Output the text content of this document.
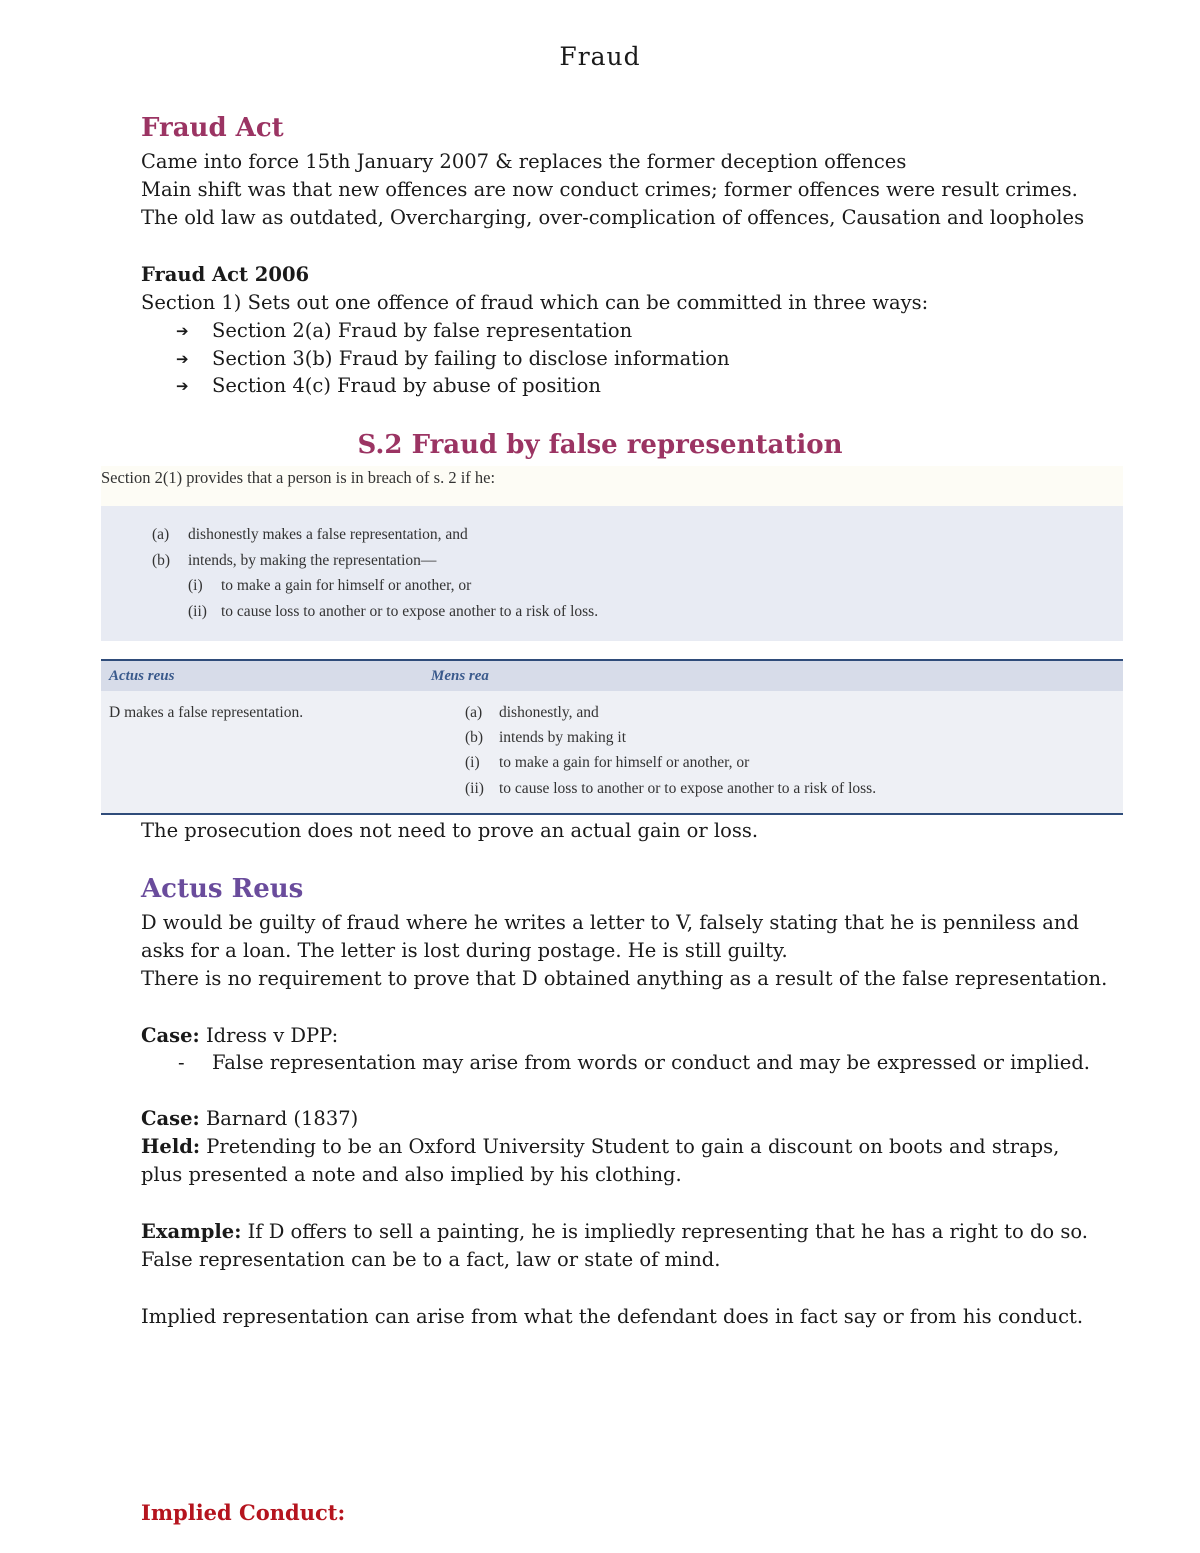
Fraud
Fraud Act
Came into force 15th January 2007 & replaces the former deception offences
Main shift was that new offences are now conduct crimes; former offences were result crimes.
The old law as outdated, Overcharging, over-complication of offences, Causation and loopholes
Fraud Act 2006
Section 1) Sets out one offence of fraud which can be committed in three ways:
➔ Section 2(a) Fraud by false representation
➔ Section 3(b) Fraud by failing to disclose information
➔ Section 4(c) Fraud by abuse of position
S.2 Fraud by false representation
Section 2(1) provides that a person is in breach of s. 2 if he:
(a) dishonestly makes a false representation, and
(b) intends, by making the representation—
(i) to make a gain for himself or another, or
(ii) to cause loss to another or to expose another to a risk of loss.
Actus reus	Mens rea
D makes a false representation.	(a) dishonestly, and
(b) intends by making it
(i) to make a gain for himself or another, or
(ii) to cause loss to another or to expose another to a risk of loss.
The prosecution does not need to prove an actual gain or loss.
Actus Reus
D would be guilty of fraud where he writes a letter to V, falsely stating that he is penniless and
asks for a loan. The letter is lost during postage. He is still guilty.
There is no requirement to prove that D obtained anything as a result of the false representation.
Case: Idress v DPP:
- False representation may arise from words or conduct and may be expressed or implied.
Case: Barnard (1837)
Held: Pretending to be an Oxford University Student to gain a discount on boots and straps,
plus presented a note and also implied by his clothing.
Example: If D offers to sell a painting, he is impliedly representing that he has a right to do so.
False representation can be to a fact, law or state of mind.
Implied representation can arise from what the defendant does in fact say or from his conduct.
Implied Conduct:
